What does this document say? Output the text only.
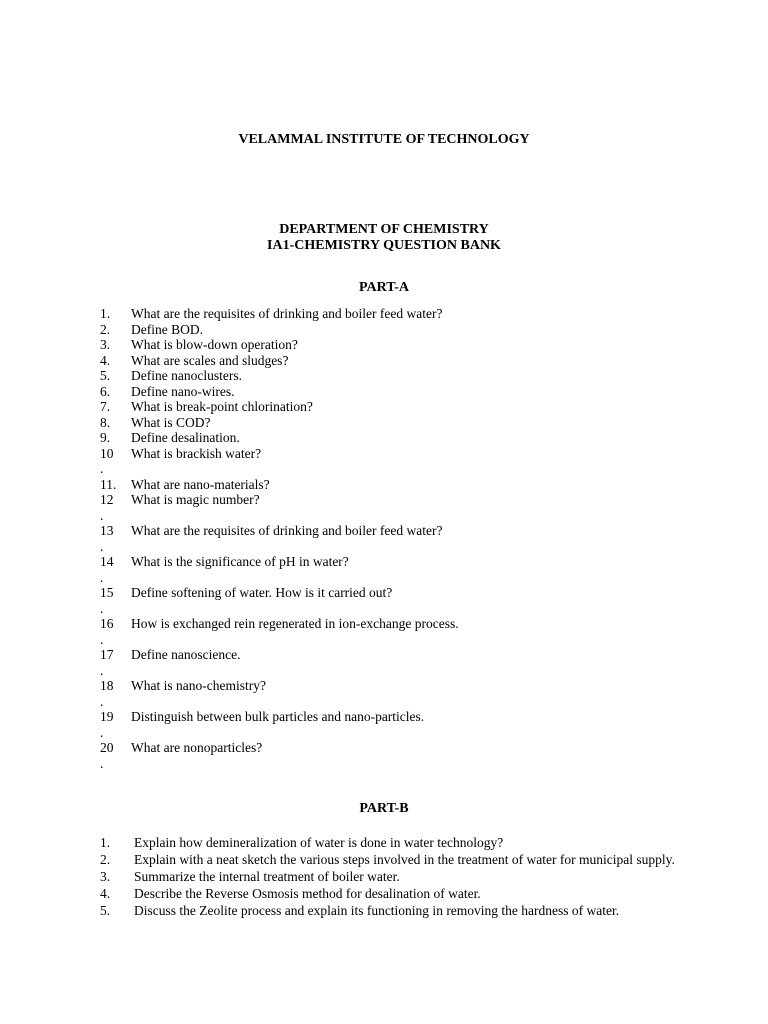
VELAMMAL INSTITUTE OF TECHNOLOGY
DEPARTMENT OF CHEMISTRY
IA1-CHEMISTRY QUESTION BANK
PART-A
1.	What are the requisites of drinking and boiler feed water?
2.	Define BOD.
3.	What is blow-down operation?
4.	What are scales and sludges?
5.	Define nanoclusters.
6.	Define nano-wires.
7.	What is break-point chlorination?
8.	What is COD?
9.	Define desalination.
10	What is brackish water?
.
11.	What are nano-materials?
12	What is magic number?
.
13	What are the requisites of drinking and boiler feed water?
.
14	What is the significance of pH in water?
.
15	Define softening of water. How is it carried out?
.
16	How is exchanged rein regenerated in ion-exchange process.
.
17	Define nanoscience.
.
18	What is nano-chemistry?
.
19	Distinguish between bulk particles and nano-particles.
.
20	What are nonoparticles?
.
PART-B
1.	Explain how demineralization of water is done in water technology?
2.	Explain with a neat sketch the various steps involved in the treatment of water for municipal supply.
3.	Summarize the internal treatment of boiler water.
4.	Describe the Reverse Osmosis method for desalination of water.
5.	Discuss the Zeolite process and explain its functioning in removing the hardness of water.
